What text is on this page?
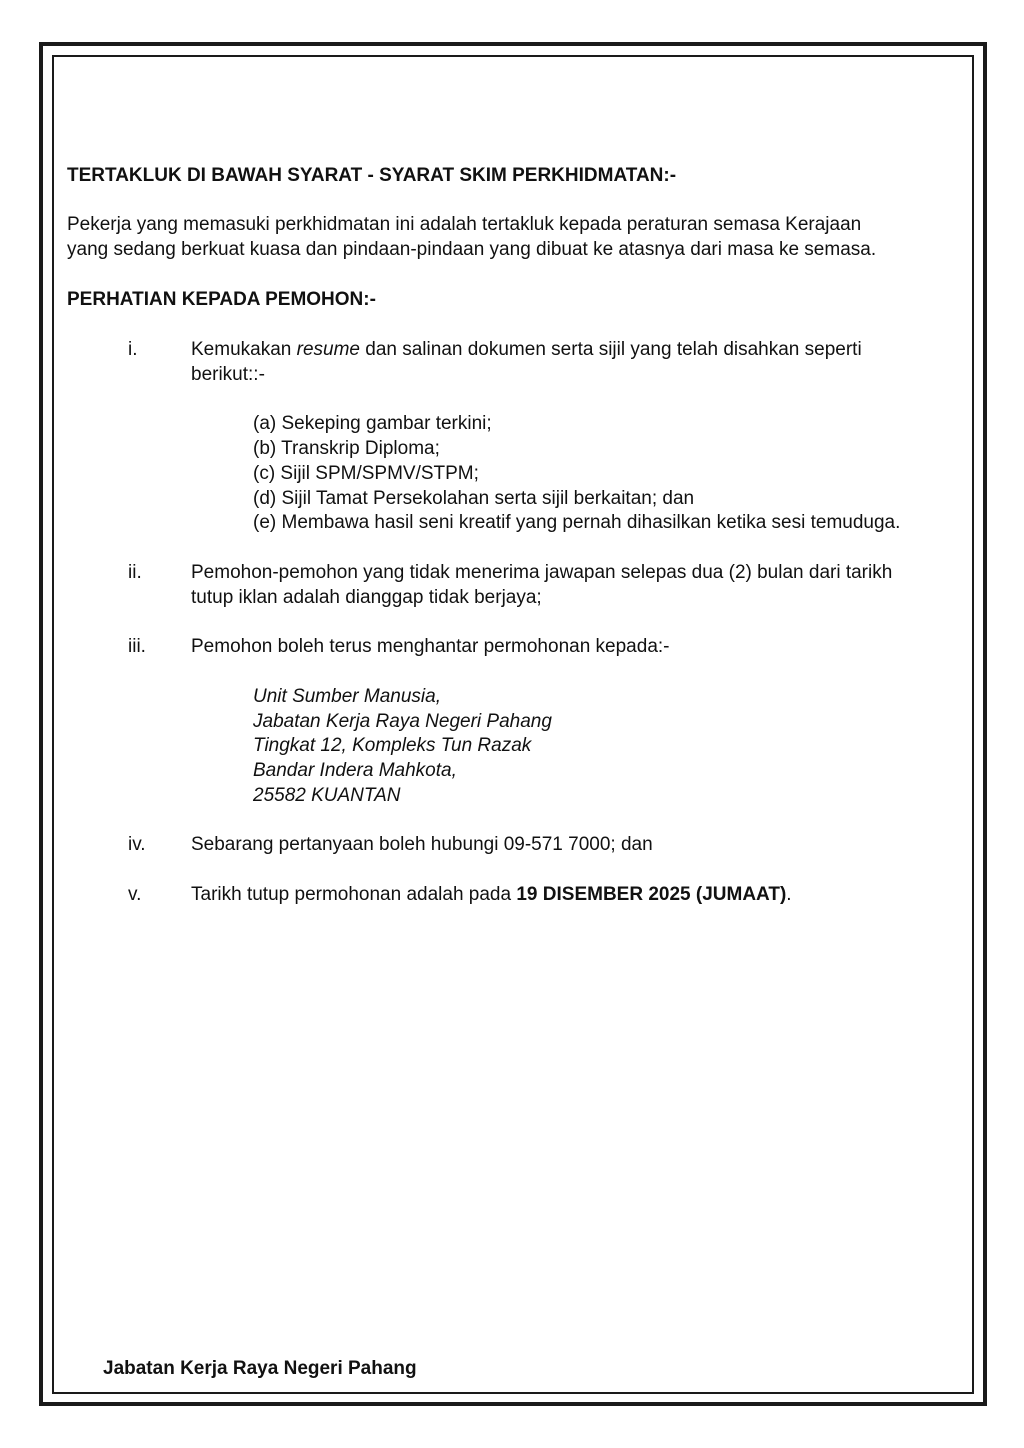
TERTAKLUK DI BAWAH SYARAT - SYARAT SKIM PERKHIDMATAN:-
Pekerja yang memasuki perkhidmatan ini adalah tertakluk kepada peraturan semasa Kerajaan
yang sedang berkuat kuasa dan pindaan-pindaan yang dibuat ke atasnya dari masa ke semasa.
PERHATIAN KEPADA PEMOHON:-
i.	Kemukakan resume dan salinan dokumen serta sijil yang telah disahkan seperti
berikut::-
(a) Sekeping gambar terkini;
(b) Transkrip Diploma;
(c) Sijil SPM/SPMV/STPM;
(d) Sijil Tamat Persekolahan serta sijil berkaitan; dan
(e) Membawa hasil seni kreatif yang pernah dihasilkan ketika sesi temuduga.
ii.	Pemohon-pemohon yang tidak menerima jawapan selepas dua (2) bulan dari tarikh
tutup iklan adalah dianggap tidak berjaya;
iii. Pemohon boleh terus menghantar permohonan kepada:-
Unit Sumber Manusia,
Jabatan Kerja Raya Negeri Pahang
Tingkat 12, Kompleks Tun Razak
Bandar Indera Mahkota,
25582 KUANTAN
iv. Sebarang pertanyaan boleh hubungi 09-571 7000; dan
v.	Tarikh tutup permohonan adalah pada 19 DISEMBER 2025 (JUMAAT).
Jabatan Kerja Raya Negeri Pahang
